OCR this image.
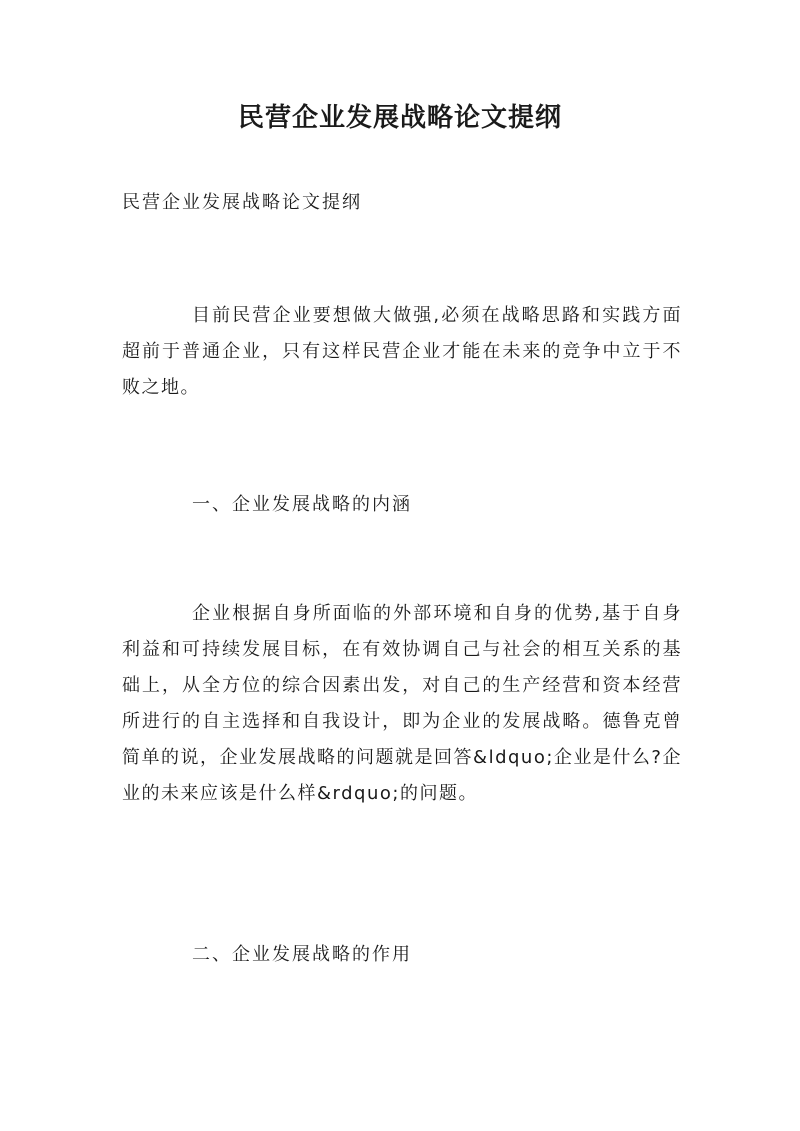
民营企业发展战略论文提纲

民营企业发展战略论文提纲

目前民营企业要想做大做强,必须在战略思路和实践方面超前于普通企业，只有这样民营企业才能在未来的竞争中立于不败之地。

一、企业发展战略的内涵

企业根据自身所面临的外部环境和自身的优势,基于自身利益和可持续发展目标，在有效协调自己与社会的相互关系的基础上，从全方位的综合因素出发，对自己的生产经营和资本经营所进行的自主选择和自我设计，即为企业的发展战略。德鲁克曾简单的说，企业发展战略的问题就是回答&ldquo;企业是什么?企业的未来应该是什么样&rdquo;的问题。

二、企业发展战略的作用
